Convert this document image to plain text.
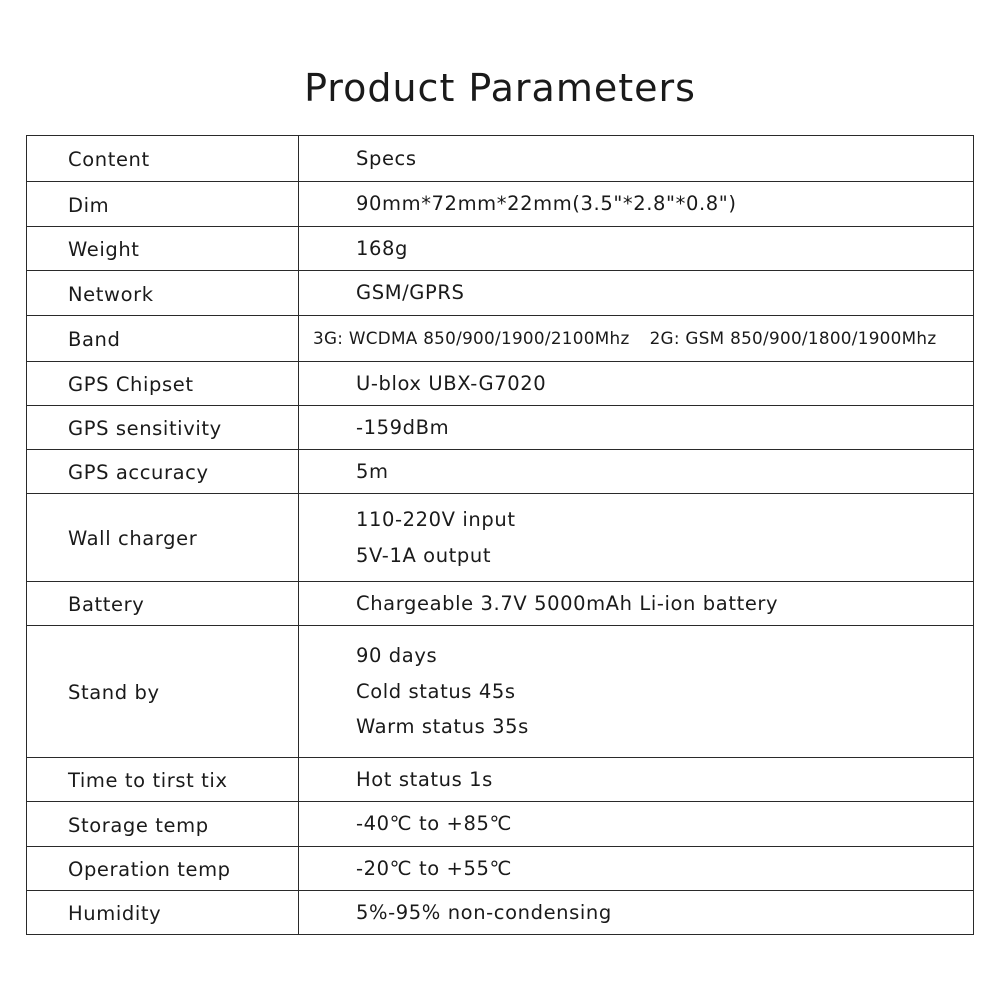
Product Parameters
Content	Specs
Dim	90mm*72mm*22mm(3.5"*2.8"*0.8")
Weight	168g
Network	GSM/GPRS
Band	3G: WCDMA 850/900/1900/2100Mhz 2G: GSM 850/900/1800/1900Mhz
GPS Chipset	U-blox UBX-G7020
GPS sensitivity	-159dBm
GPS accuracy	5m
Wall charger	110-220V input
5V-1A output

Battery	Chargeable 3.7V 5000mAh Li-ion battery
Stand by	90 days
Cold status 45s
Warm status 35s

Time to tirst tix	Hot status 1s
Storage temp	-40℃ to +85℃
Operation temp	-20℃ to +55℃
Humidity	5%-95% non-condensing
